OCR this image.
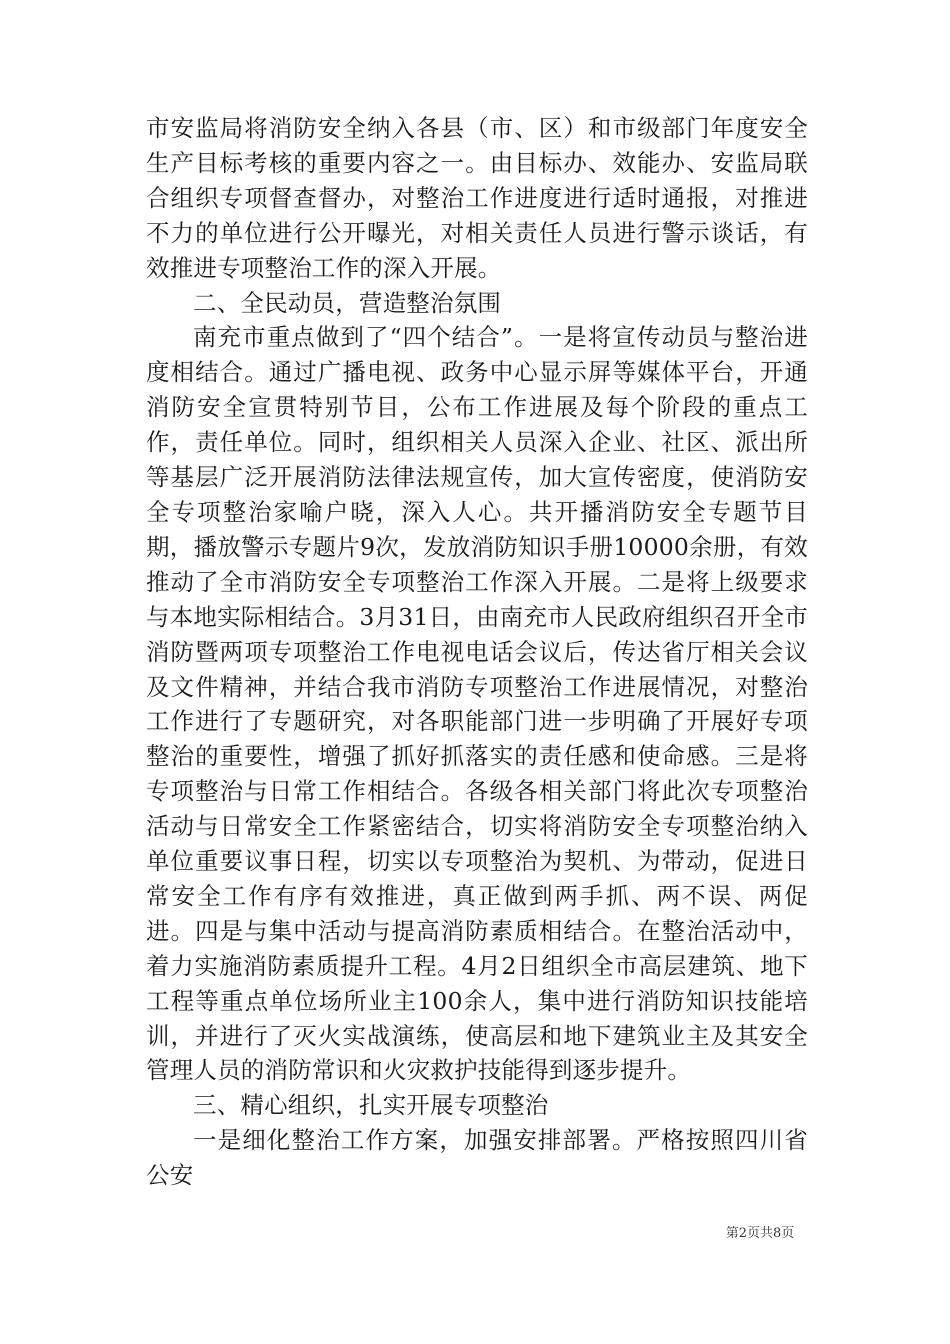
市安监局将消防安全纳入各县（市、区）和市级部门年度安全生产目标考核的重要内容之一。由目标办、效能办、安监局联合组织专项督查督办，对整治工作进度进行适时通报，对推进不力的单位进行公开曝光，对相关责任人员进行警示谈话，有效推进专项整治工作的深入开展。

二、全民动员，营造整治氛围

南充市重点做到了“四个结合”。一是将宣传动员与整治进度相结合。通过广播电视、政务中心显示屏等媒体平台，开通消防安全宣贯特别节目，公布工作进展及每个阶段的重点工作，责任单位。同时，组织相关人员深入企业、社区、派出所等基层广泛开展消防法律法规宣传，加大宣传密度，使消防安全专项整治家喻户晓，深入人心。共开播消防安全专题节目期，播放警示专题片9次，发放消防知识手册10000余册，有效推动了全市消防安全专项整治工作深入开展。二是将上级要求与本地实际相结合。3月31日，由南充市人民政府组织召开全市消防暨两项专项整治工作电视电话会议后，传达省厅相关会议及文件精神，并结合我市消防专项整治工作进展情况，对整治工作进行了专题研究，对各职能部门进一步明确了开展好专项整治的重要性，增强了抓好抓落实的责任感和使命感。三是将专项整治与日常工作相结合。各级各相关部门将此次专项整治活动与日常安全工作紧密结合，切实将消防安全专项整治纳入单位重要议事日程，切实以专项整治为契机、为带动，促进日常安全工作有序有效推进，真正做到两手抓、两不误、两促进。四是与集中活动与提高消防素质相结合。在整治活动中，着力实施消防素质提升工程。4月2日组织全市高层建筑、地下工程等重点单位场所业主100余人，集中进行消防知识技能培训，并进行了灭火实战演练，使高层和地下建筑业主及其安全管理人员的消防常识和火灾救护技能得到逐步提升。

三、精心组织，扎实开展专项整治

一是细化整治工作方案，加强安排部署。严格按照四川省公安

第2页共8页
